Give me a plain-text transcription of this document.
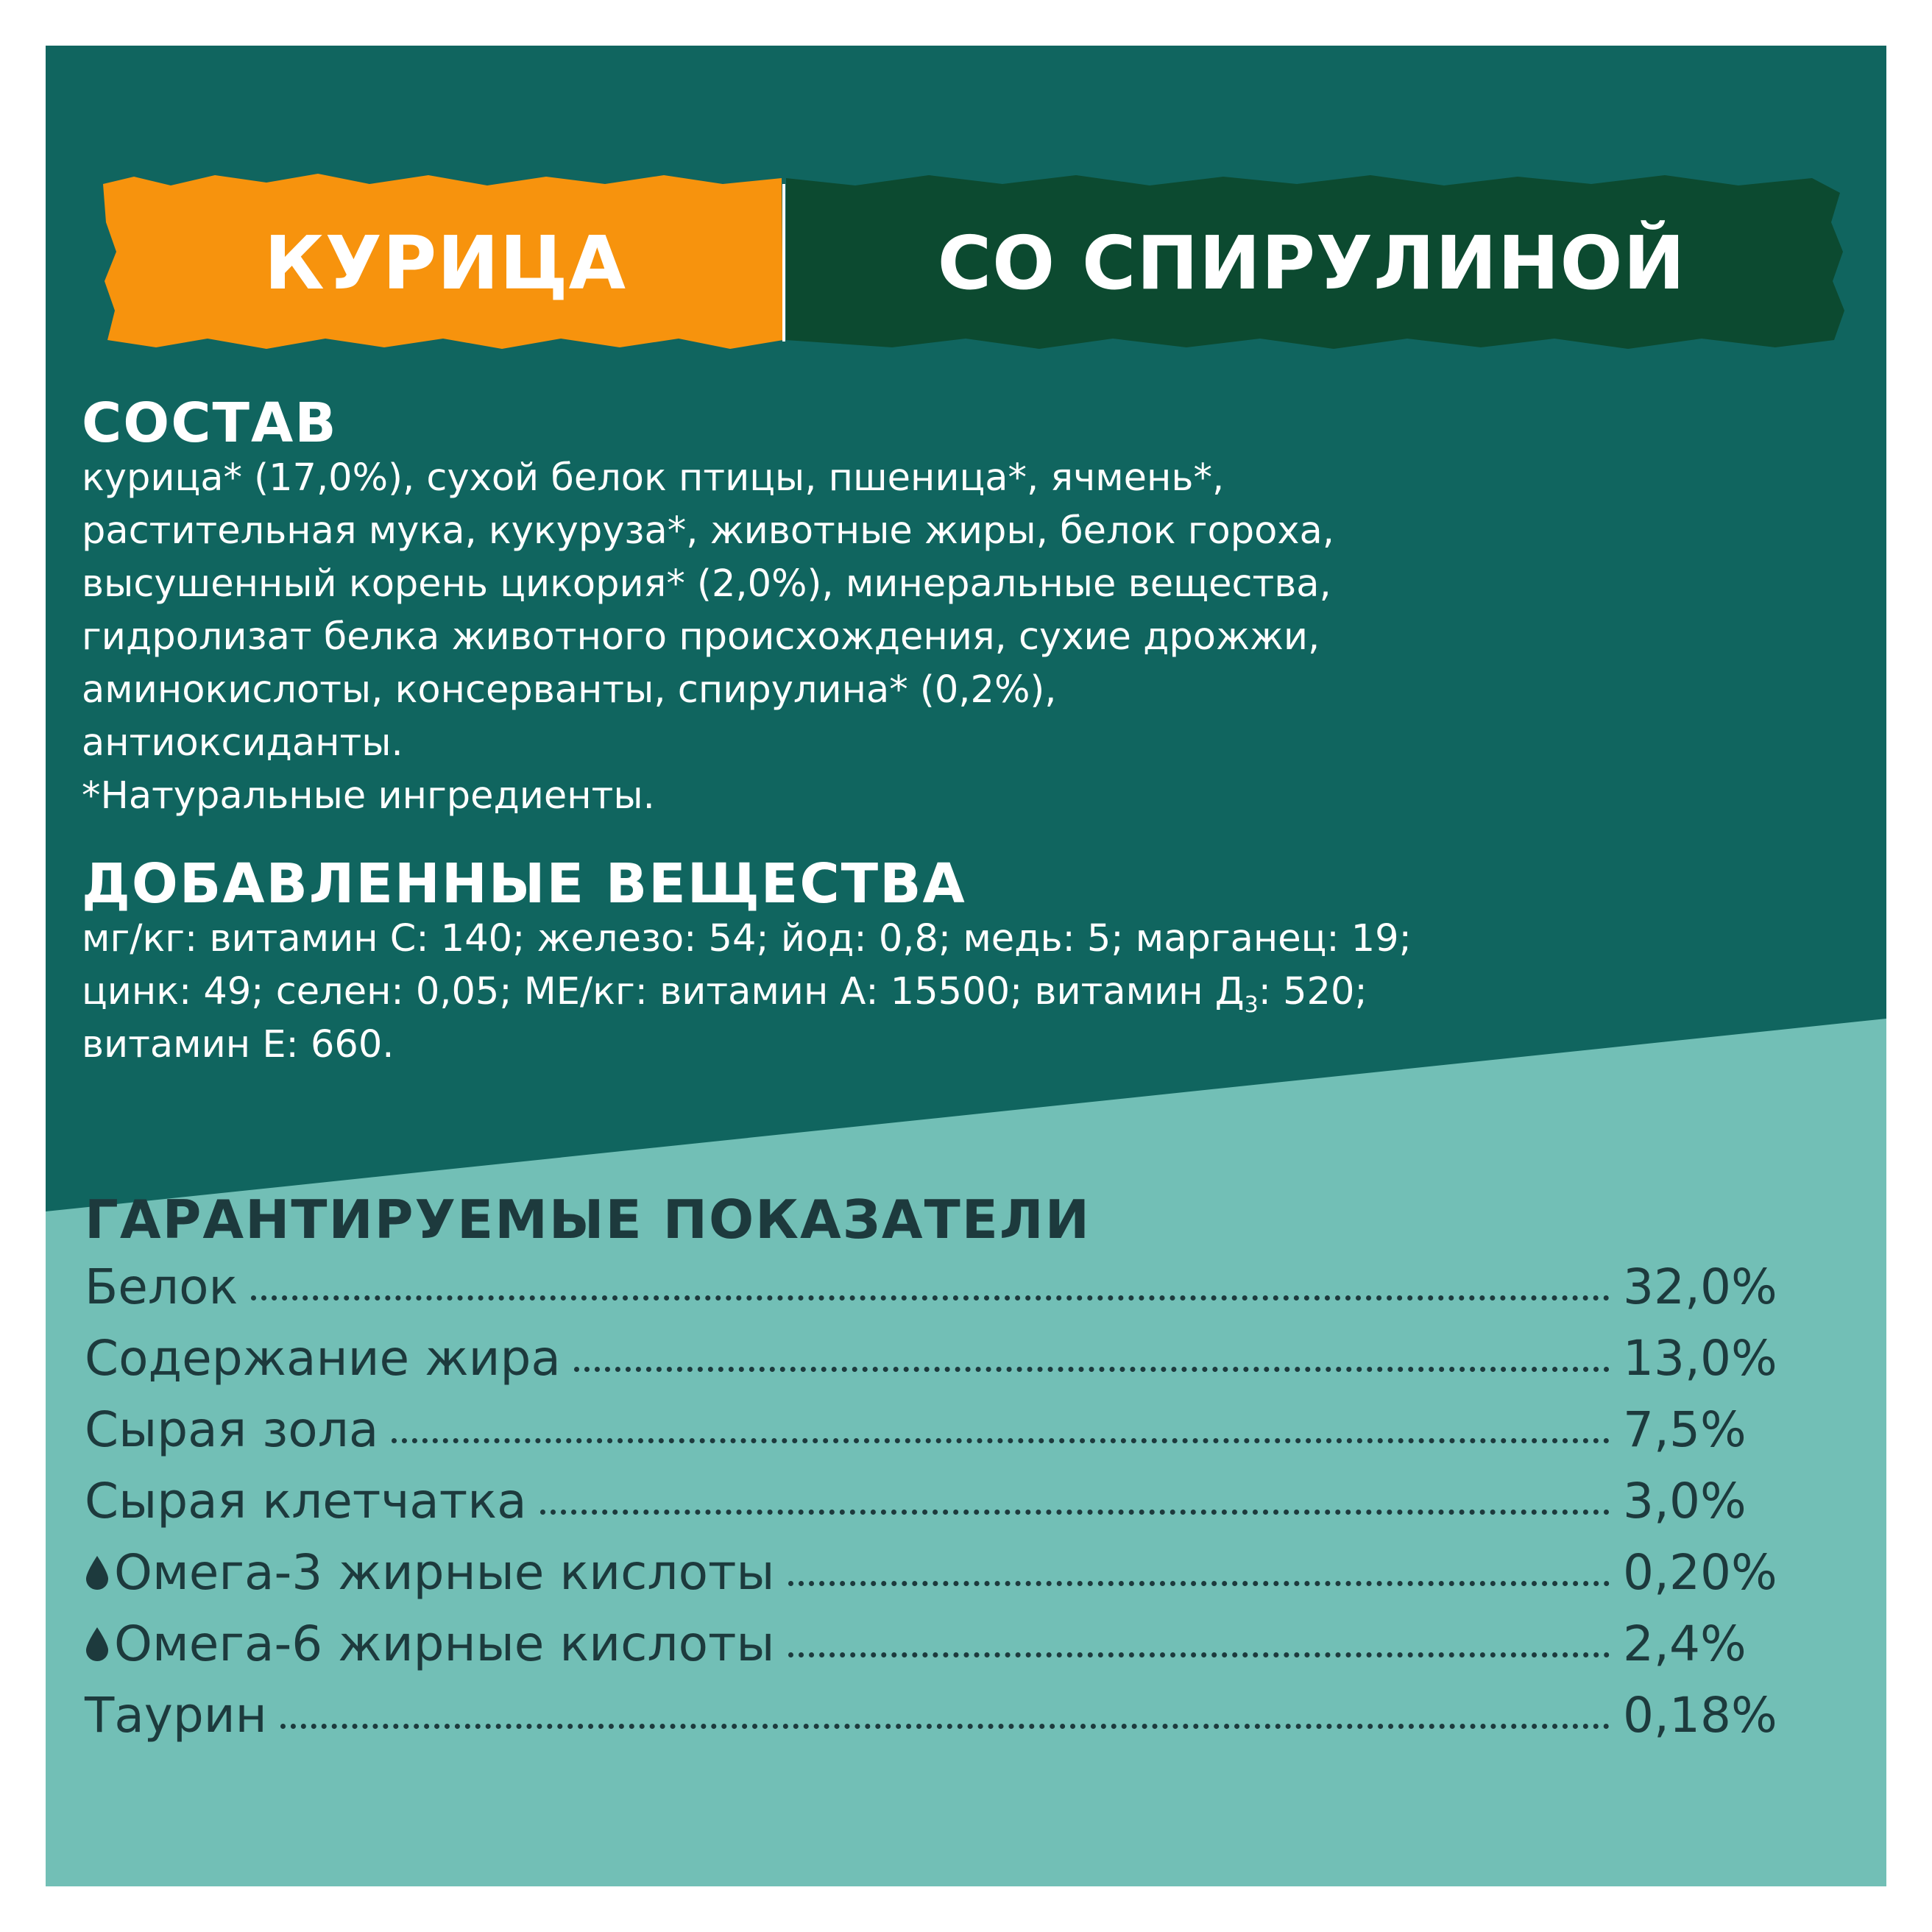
КУРИЦА	СО СПИРУЛИНОЙ
СОСТАВ
курица* (17,0%), сухой белок птицы, пшеница*, ячмень*,
растительная мука, кукуруза*, животные жиры, белок гороха,
высушенный корень цикория* (2,0%), минеральные вещества,
гидролизат белка животного происхождения, сухие дрожжи,
аминокислоты, консерванты, спирулина* (0,2%),
антиоксиданты.
*Натуральные ингредиенты.
ДОБАВЛЕННЫЕ ВЕЩЕСТВА
мг/кг: витамин С: 140; железо: 54; йод: 0,8; медь: 5; марганец: 19;
цинк: 49; селен: 0,05; МЕ/кг: витамин А: 15500; витамин $Д_3$: 520;
витамин Е: 660.
ГАРАНТИРУЕМЫЕ ПОКАЗАТЕЛИ
Белок	32,0%
Содержание жира	13,0%
Сырая зола	7,5%
Сырая клетчатка	3,0%
Омега-3 жирные кислоты	0,20%
Омега-6 жирные кислоты	2,4%
Таурин	0,18%
